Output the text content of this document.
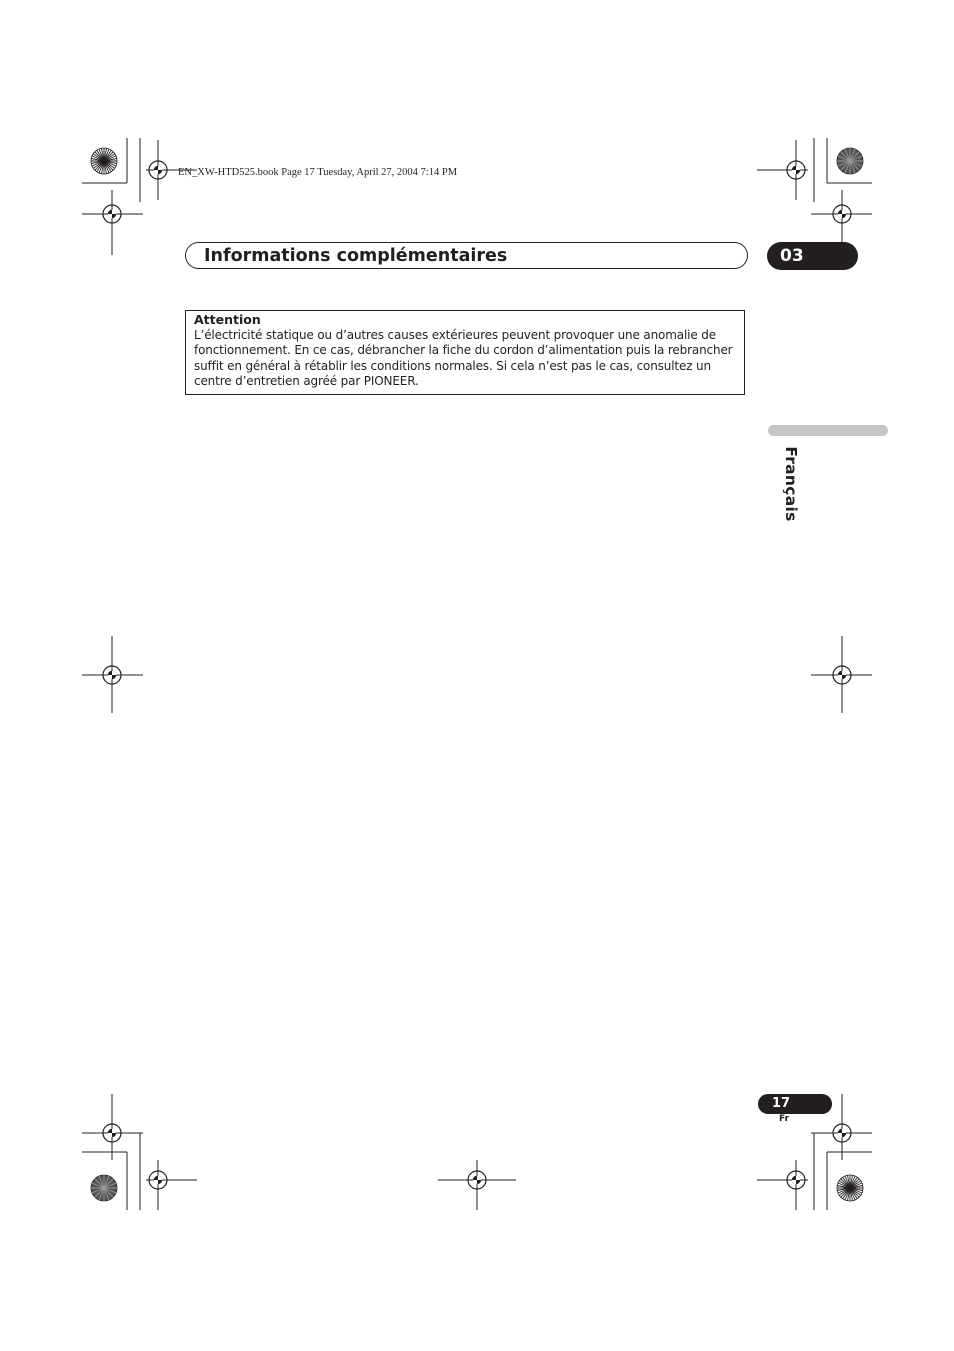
EN_XW-HTD525.book Page 17 Tuesday, April 27, 2004 7:14 PM
Informations complémentaires	03
Attention
L’électricité statique ou d’autres causes extérieures peuvent provoquer une anomalie de
fonctionnement. En ce cas, débrancher la fiche du cordon d’alimentation puis la rebrancher
suffit en général à rétablir les conditions normales. Si cela n’est pas le cas, consultez un
centre d’entretien agréé par PIONEER.
Français
17
Fr
